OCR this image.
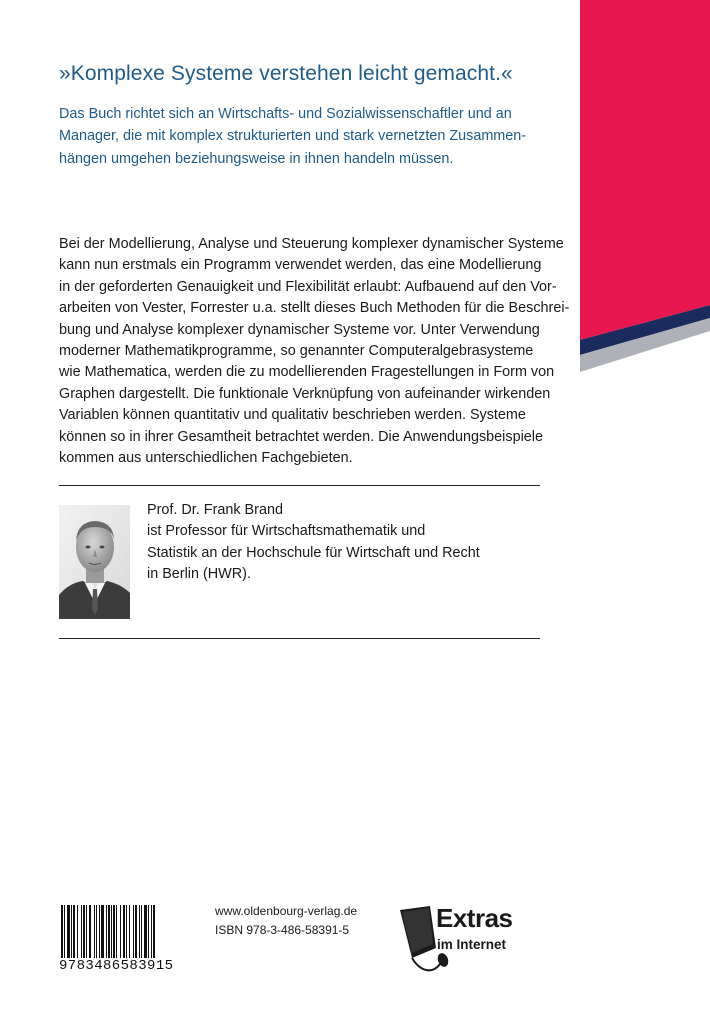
»Komplexe Systeme verstehen leicht gemacht.«
Das Buch richtet sich an Wirtschafts- und Sozialwissenschaftler und an
Manager, die mit komplex strukturierten und stark vernetzten Zusammen-
hängen umgehen beziehungsweise in ihnen handeln müssen.
Bei der Modellierung, Analyse und Steuerung komplexer dynamischer Systeme
kann nun erstmals ein Programm verwendet werden, das eine Modellierung
in der geforderten Genauigkeit und Flexibilität erlaubt: Aufbauend auf den Vor-
arbeiten von Vester, Forrester u.a. stellt dieses Buch Methoden für die Beschrei-
bung und Analyse komplexer dynamischer Systeme vor. Unter Verwendung
moderner Mathematikprogramme, so genannter Computeralgebrasysteme
wie Mathematica, werden die zu modellierenden Fragestellungen in Form von
Graphen dargestellt. Die funktionale Verknüpfung von aufeinander wirkenden
Variablen können quantitativ und qualitativ beschrieben werden. Systeme
können so in ihrer Gesamtheit betrachtet werden. Die Anwendungsbeispiele
kommen aus unterschiedlichen Fachgebieten.
Prof. Dr. Frank Brand
ist Professor für Wirtschaftsmathematik und
Statistik an der Hochschule für Wirtschaft und Recht
in Berlin (HWR).
9783486583915
www.oldenbourg-verlag.de
ISBN 978-3-486-58391-5	Extras
im Internet
